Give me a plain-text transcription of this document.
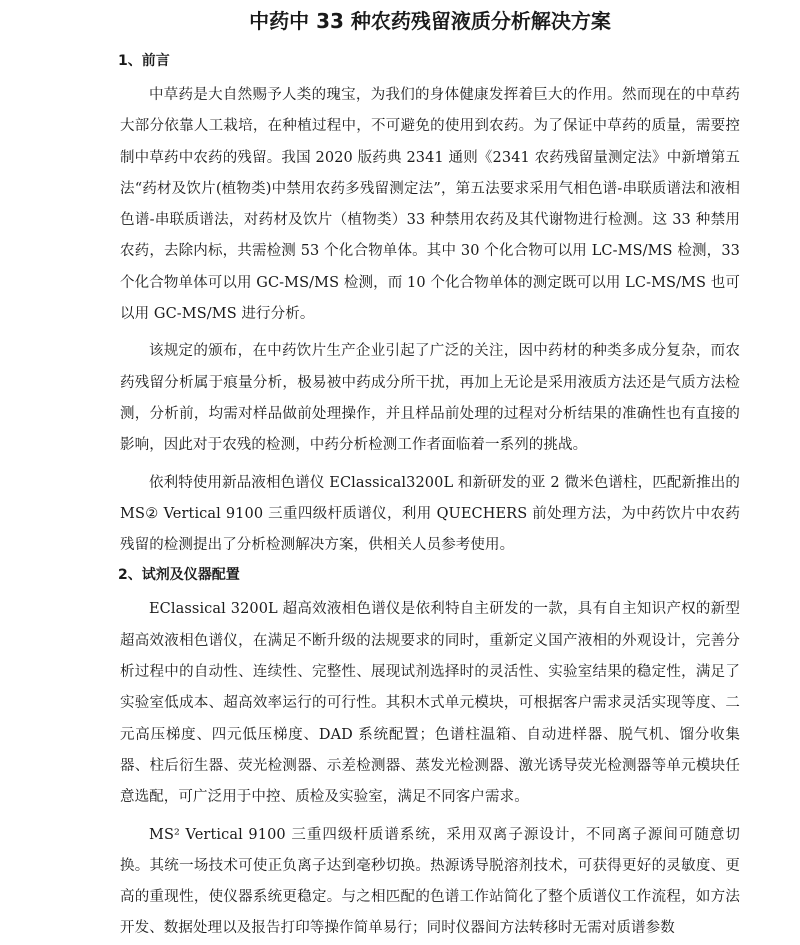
中药中 33 种农药残留液质分析解决方案
1、前言

中草药是大自然赐予人类的瑰宝，为我们的身体健康发挥着巨大的作用。然而现在的中草药大部分依靠人工栽培，在种植过程中，不可避免的使用到农药。为了保证中草药的质量，需要控制中草药中农药的残留。我国 2020 版药典 2341 通则《2341 农药残留量测定法》中新增第五法“药材及饮片(植物类)中禁用农药多残留测定法”，第五法要求采用气相色谱-串联质谱法和液相色谱-串联质谱法，对药材及饮片（植物类）33 种禁用农药及其代谢物进行检测。这 33 种禁用农药，去除内标，共需检测 53 个化合物单体。其中 30 个化合物可以用 LC-MS/MS 检测，33 个化合物单体可以用 GC-MS/MS 检测，而 10 个化合物单体的测定既可以用 LC-MS/MS 也可以用 GC-MS/MS 进行分析。

该规定的颁布，在中药饮片生产企业引起了广泛的关注，因中药材的种类多成分复杂，而农药残留分析属于痕量分析，极易被中药成分所干扰，再加上无论是采用液质方法还是气质方法检测，分析前，均需对样品做前处理操作，并且样品前处理的过程对分析结果的准确性也有直接的影响，因此对于农残的检测，中药分析检测工作者面临着一系列的挑战。

依利特使用新品液相色谱仪 EClassical3200L 和新研发的亚 2 微米色谱柱，匹配新推出的 MS② Vertical 9100 三重四级杆质谱仪，利用 QUECHERS 前处理方法，为中药饮片中农药残留的检测提出了分析检测解决方案，供相关人员参考使用。

2、试剂及仪器配置

EClassical 3200L 超高效液相色谱仪是依利特自主研发的一款，具有自主知识产权的新型超高效液相色谱仪，在满足不断升级的法规要求的同时，重新定义国产液相的外观设计，完善分析过程中的自动性、连续性、完整性、展现试剂选择时的灵活性、实验室结果的稳定性，满足了实验室低成本、超高效率运行的可行性。其积木式单元模块，可根据客户需求灵活实现等度、二元高压梯度、四元低压梯度、DAD 系统配置；色谱柱温箱、自动进样器、脱气机、馏分收集器、柱后衍生器、荧光检测器、示差检测器、蒸发光检测器、激光诱导荧光检测器等单元模块任意选配，可广泛用于中控、质检及实验室，满足不同客户需求。

MS² Vertical 9100 三重四级杆质谱系统，采用双离子源设计，不同离子源间可随意切换。其统一场技术可使正负离子达到毫秒切换。热源诱导脱溶剂技术，可获得更好的灵敏度、更高的重现性，使仪器系统更稳定。与之相匹配的色谱工作站简化了整个质谱仪工作流程，如方法开发、数据处理以及报告打印等操作简单易行；同时仪器间方法转移时无需对质谱参数
